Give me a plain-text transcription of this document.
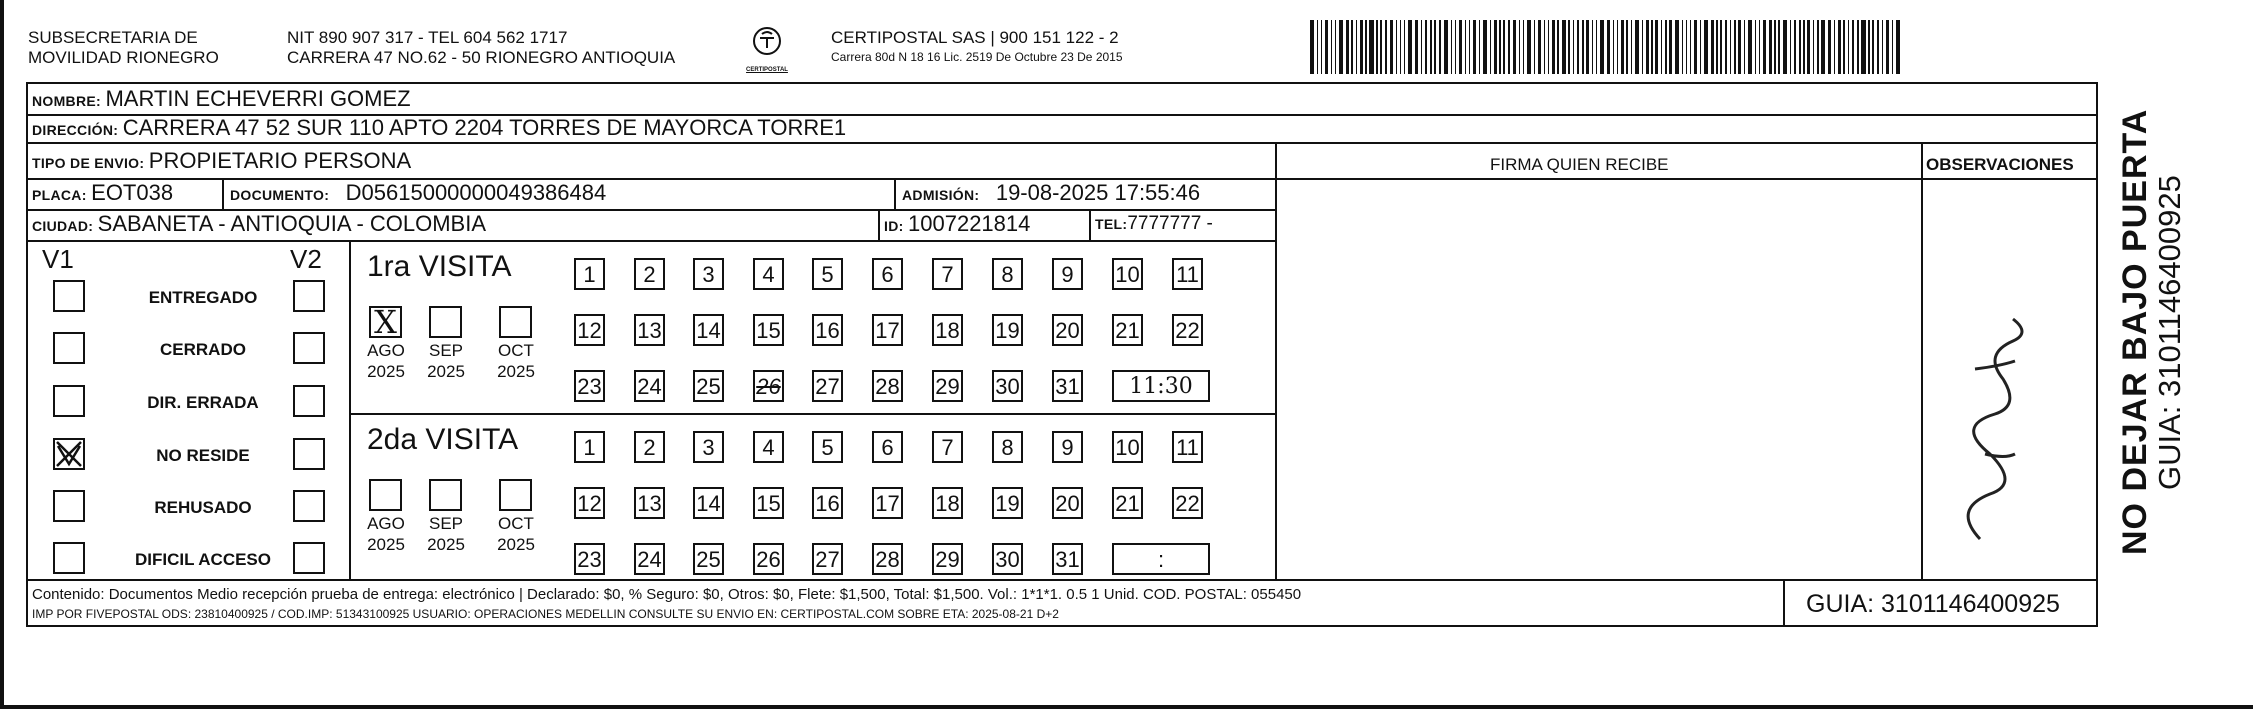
SUBSECRETARIA DE
MOVILIDAD RIONEGRO
NIT 890 907 317 - TEL 604 562 1717
CARRERA 47 NO.62 - 50 RIONEGRO ANTIOQUIA
CERTIPOSTAL
CERTIPOSTAL SAS | 900 151 122 - 2
Carrera 80d N 18 16 Lic. 2519 De Octubre 23 De 2015
NOMBRE: MARTIN ECHEVERRI GOMEZ
DIRECCIÓN: CARRERA 47 52 SUR 110 APTO 2204 TORRES DE MAYORCA TORRE1
TIPO DE ENVIO: PROPIETARIO PERSONA	FIRMA QUIEN RECIBE	OBSERVACIONES
PLACA: EOT038	DOCUMENTO: D05615000000049386484	ADMISIÓN: 19-08-2025 17:55:46
CIUDAD: SABANETA - ANTIOQUIA - COLOMBIA	ID: 1007221814	TEL:7777777 -
V1	V2
ENTREGADO
CERRADO
DIR. ERRADA
NO RESIDE
REHUSADO
DIFICIL ACCESO
1ra VISITA
X
AGO
2025
SEP
2025
OCT
2025
1	2	3	4	5	6	7	8	9	10 11
12 13 14 15 16 17 18 19 20 21 22
23 24 25 26 27 28 29 30 31	11:30
2da VISITA
AGO
2025
SEP
2025
OCT
2025
1	2	3	4	5	6	7	8	9	10 11
12 13 14 15 16 17 18 19 20 21 22
23 24 25 26 27 28 29 30 31	:
Contenido: Documentos Medio recepción prueba de entrega: electrónico | Declarado: $0, % Seguro: $0, Otros: $0, Flete: $1,500, Total: $1,500. Vol.: 1*1*1. 0.5 1 Unid. COD. POSTAL: 055450
IMP POR FIVEPOSTAL ODS: 23810400925 / COD.IMP: 51343100925 USUARIO: OPERACIONES MEDELLIN CONSULTE SU ENVIO EN: CERTIPOSTAL.COM SOBRE ETA: 2025-08-21 D+2	GUIA: 3101146400925
NO DEJAR BAJO PUERTA
GUIA: 3101146400925
